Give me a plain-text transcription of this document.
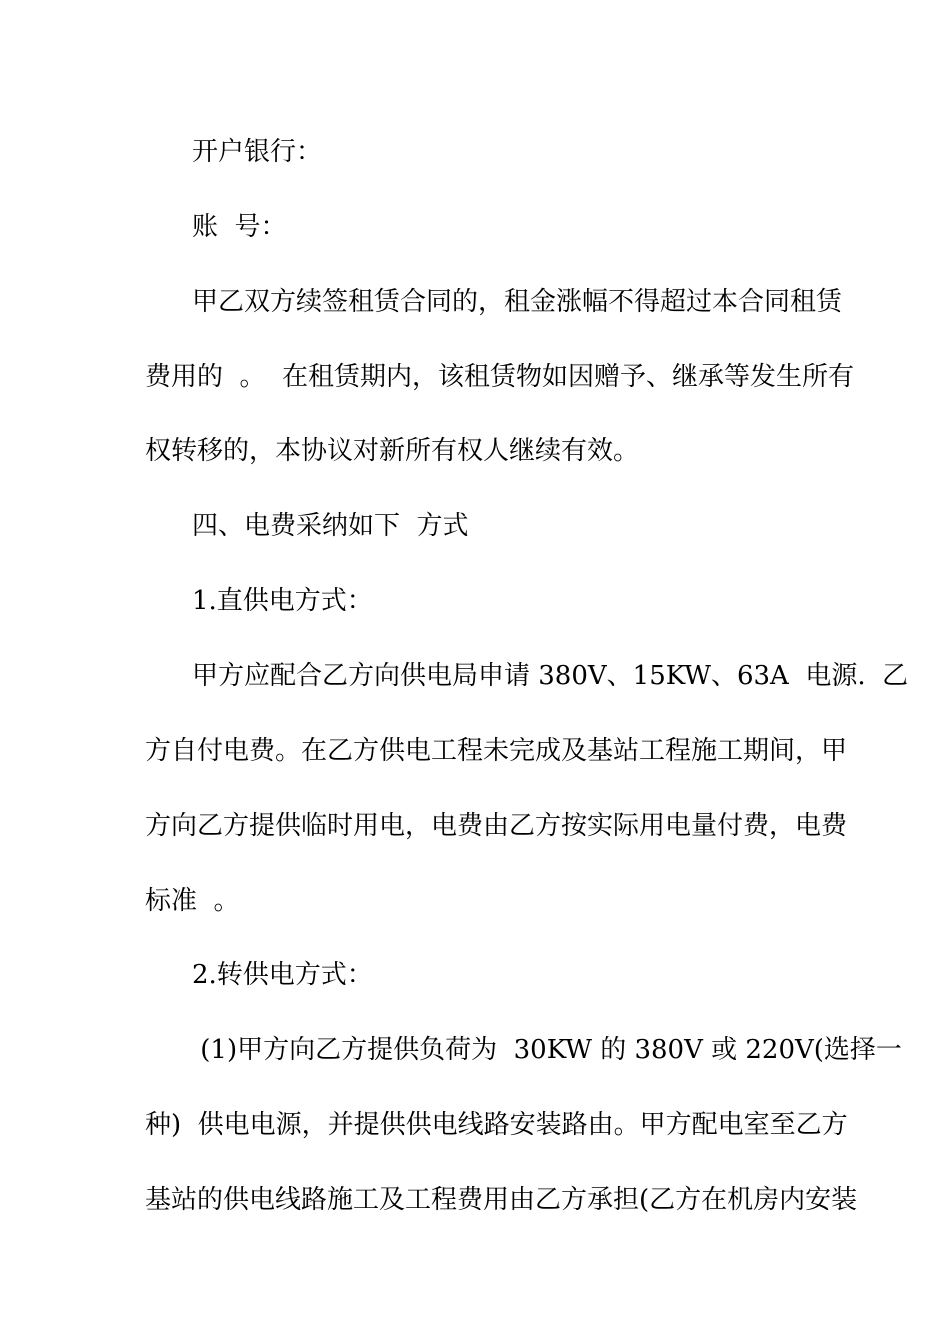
开户银行：
账  号：
甲乙双方续签租赁合同的，租金涨幅不得超过本合同租赁
费用的  。  在租赁期内，该租赁物如因赠予、继承等发生所有
权转移的，本协议对新所有权人继续有效。
四、电费采纳如下  方式
1.直供电方式：
甲方应配合乙方向供电局申请 380V、15KW、63A  电源.  乙
方自付电费。在乙方供电工程未完成及基站工程施工期间，甲
方向乙方提供临时用电，电费由乙方按实际用电量付费，电费
标准  。
2.转供电方式：
(1)甲方向乙方提供负荷为  30KW 的 380V 或 220V(选择一
种)  供电电源，并提供供电线路安装路由。甲方配电室至乙方
基站的供电线路施工及工程费用由乙方承担(乙方在机房内安装
